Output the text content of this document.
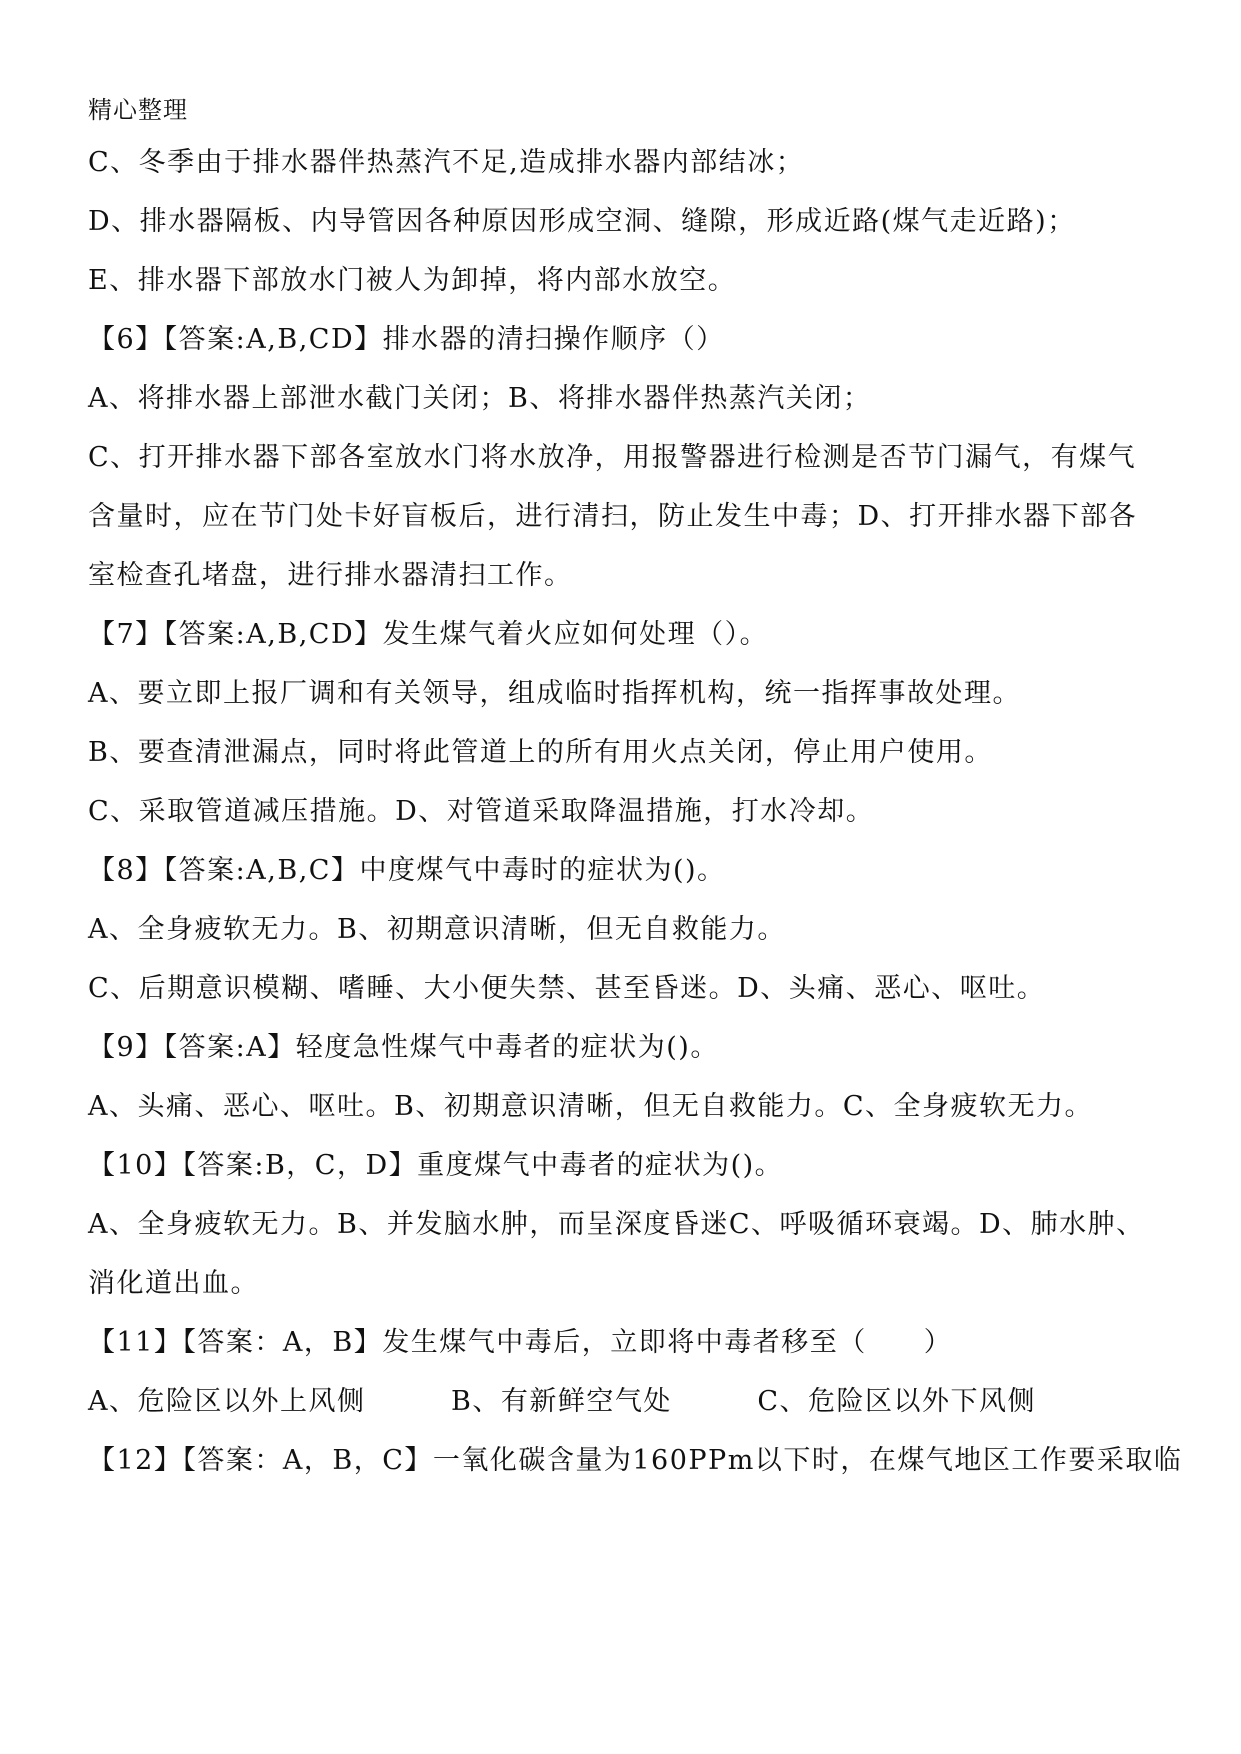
精心整理
C、冬季由于排水器伴热蒸汽不足,造成排水器内部结冰；
D、排水器隔板、内导管因各种原因形成空洞、缝隙，形成近路(煤气走近路)；
E、排水器下部放水门被人为卸掉，将内部水放空。
【6】【答案:A,B,CD】排水器的清扫操作顺序（）
A、将排水器上部泄水截门关闭；B、将排水器伴热蒸汽关闭；
C、打开排水器下部各室放水门将水放净，用报警器进行检测是否节门漏气，有煤气
含量时，应在节门处卡好盲板后，进行清扫，防止发生中毒；D、打开排水器下部各
室检查孔堵盘，进行排水器清扫工作。
【7】【答案:A,B,CD】发生煤气着火应如何处理（）。
A、要立即上报厂调和有关领导，组成临时指挥机构，统一指挥事故处理。
B、要查清泄漏点，同时将此管道上的所有用火点关闭，停止用户使用。
C、采取管道减压措施。D、对管道采取降温措施，打水冷却。
【8】【答案:A,B,C】中度煤气中毒时的症状为()。
A、全身疲软无力。B、初期意识清晰，但无自救能力。
C、后期意识模糊、嗜睡、大小便失禁、甚至昏迷。D、头痛、恶心、呕吐。
【9】【答案:A】轻度急性煤气中毒者的症状为()。
A、头痛、恶心、呕吐。B、初期意识清晰，但无自救能力。C、全身疲软无力。
【10】【答案:B，C，D】重度煤气中毒者的症状为()。
A、全身疲软无力。B、并发脑水肿，而呈深度昏迷C、呼吸循环衰竭。D、肺水肿、
消化道出血。
【11】【答案：A，B】发生煤气中毒后，立即将中毒者移至（　　）
A、危险区以外上风侧　　　B、有新鲜空气处　　　C、危险区以外下风侧
【12】【答案：A，B，C】一氧化碳含量为160PPm以下时，在煤气地区工作要采取临
